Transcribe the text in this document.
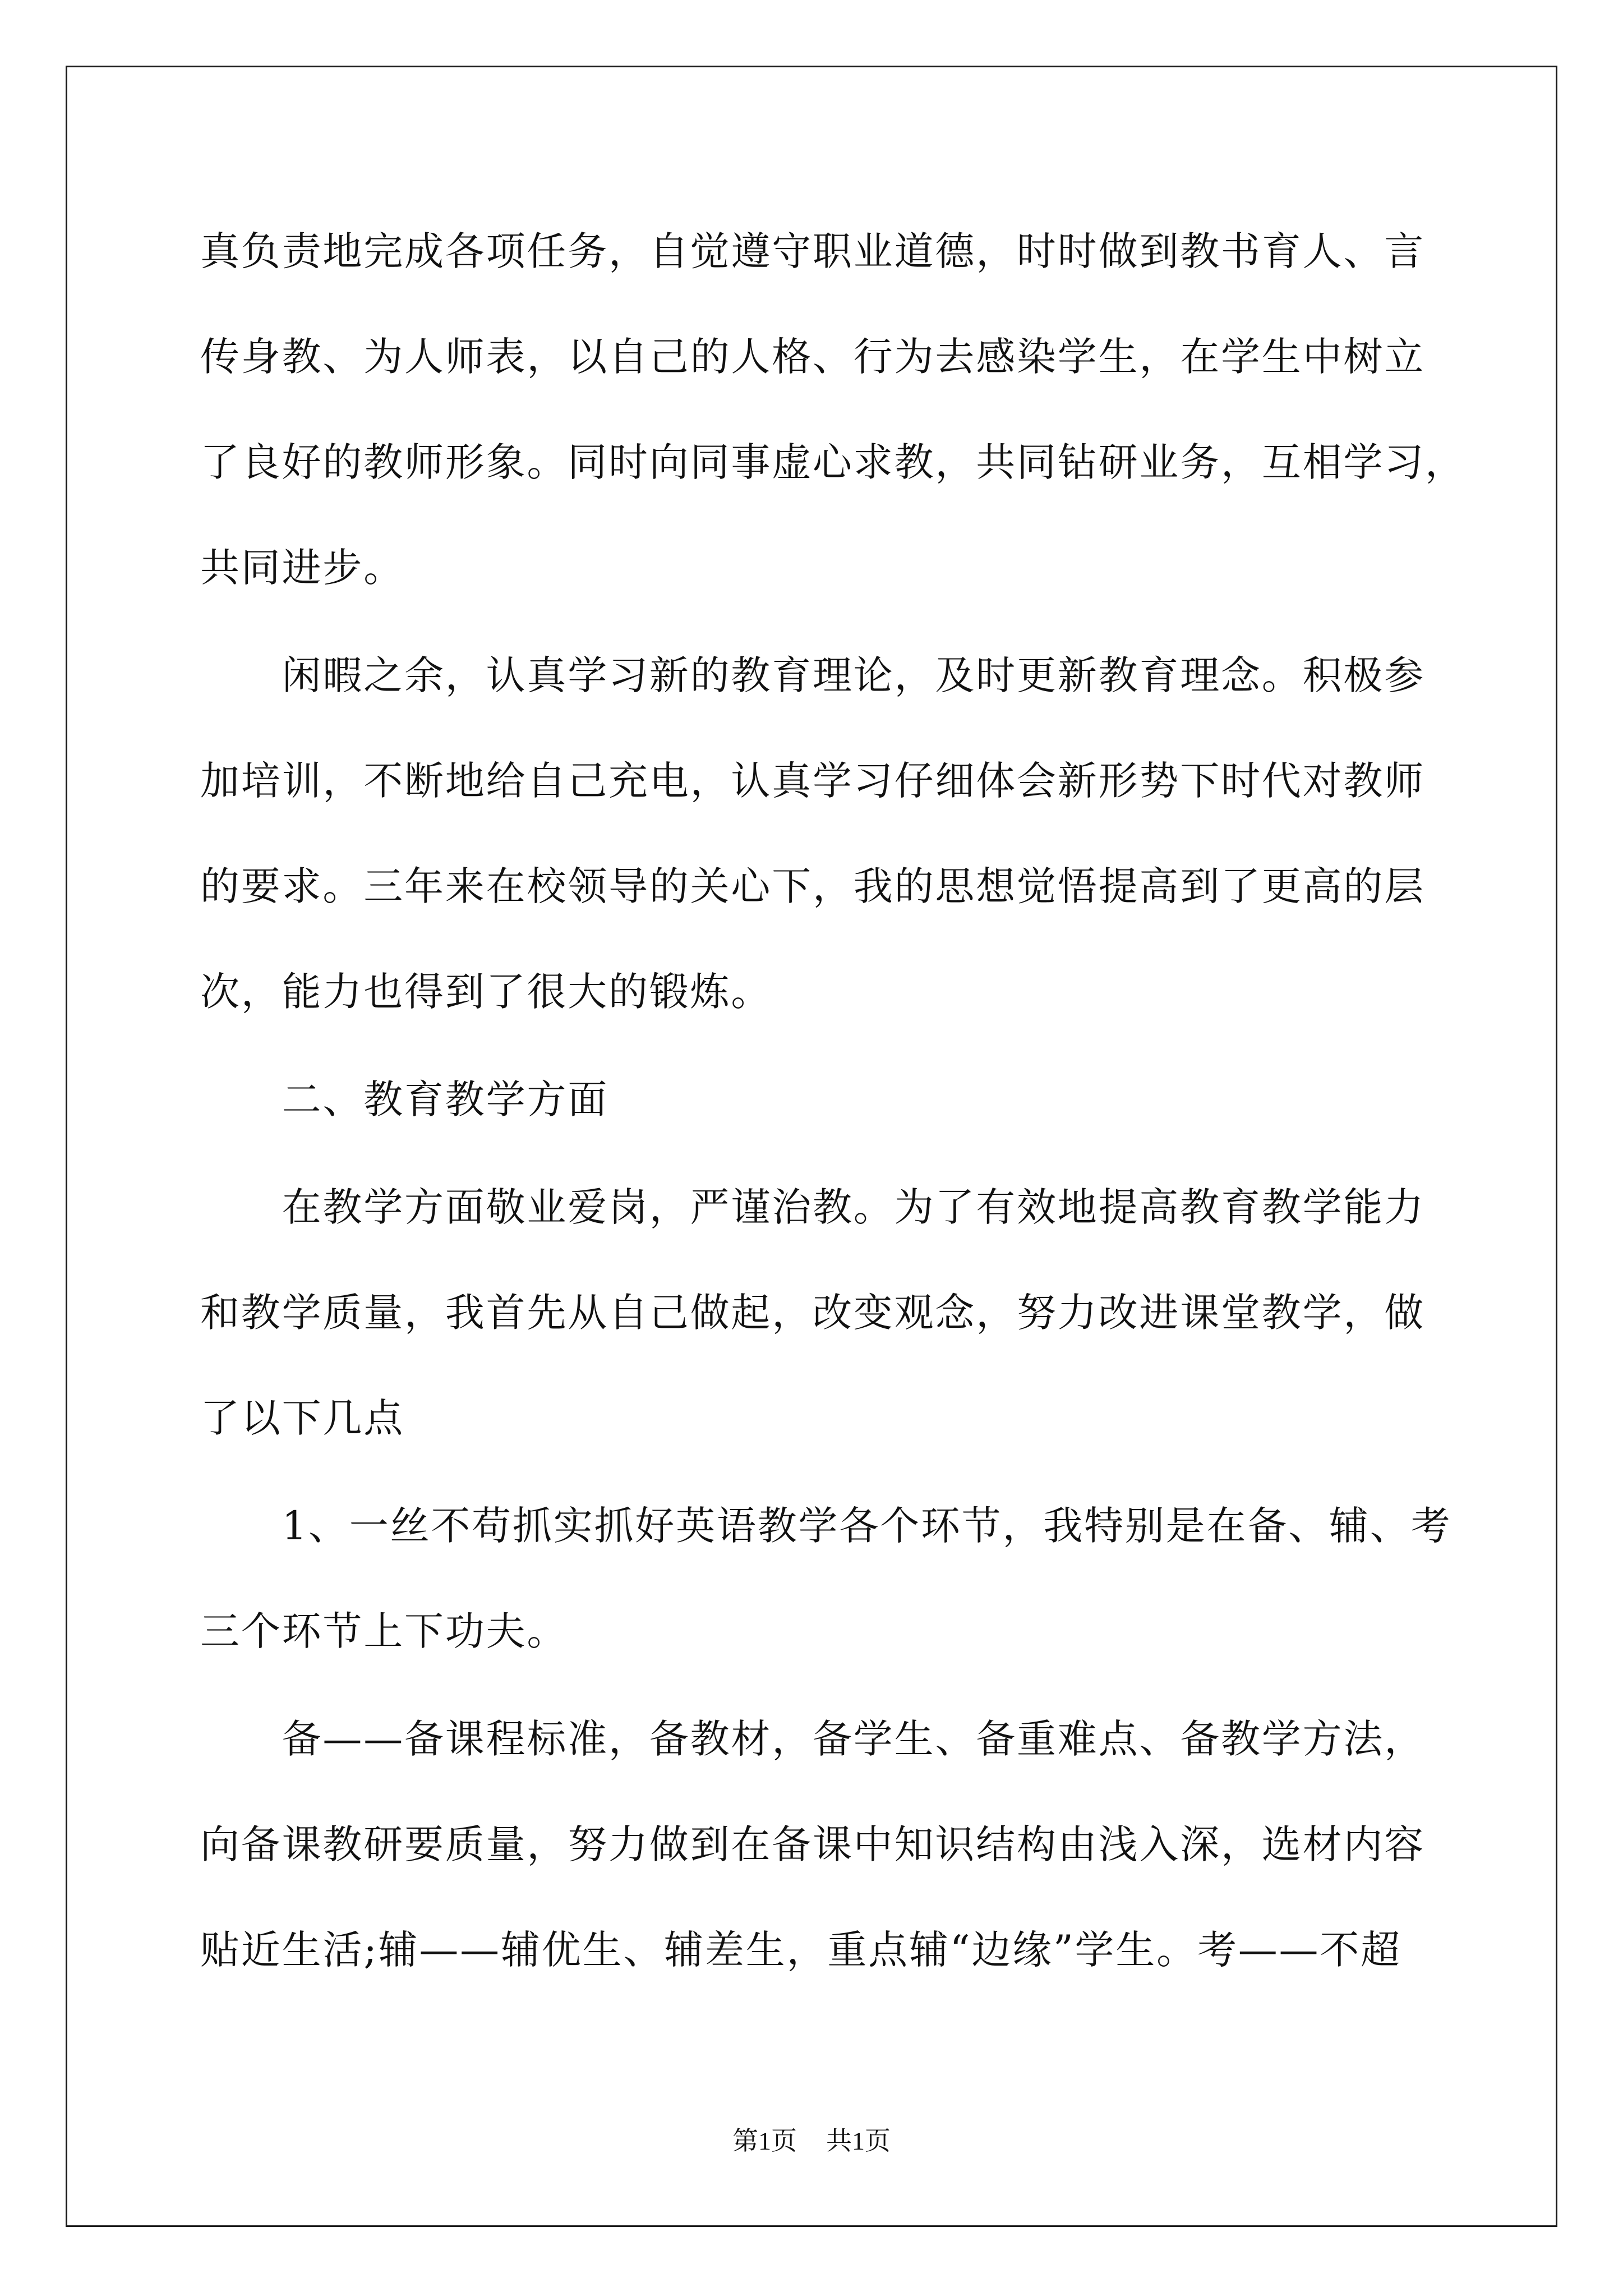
真负责地完成各项任务，自觉遵守职业道德，时时做到教书育人、言
传身教、为人师表，以自己的人格、行为去感染学生，在学生中树立
了良好的教师形象。同时向同事虚心求教，共同钻研业务，互相学习，
共同进步。
闲暇之余，认真学习新的教育理论，及时更新教育理念。积极参
加培训，不断地给自己充电，认真学习仔细体会新形势下时代对教师
的要求。三年来在校领导的关心下，我的思想觉悟提高到了更高的层
次，能力也得到了很大的锻炼。
二、教育教学方面
在教学方面敬业爱岗，严谨治教。为了有效地提高教育教学能力
和教学质量，我首先从自己做起，改变观念，努力改进课堂教学，做
了以下几点
1、一丝不苟抓实抓好英语教学各个环节，我特别是在备、辅、考
三个环节上下功夫。
备——备课程标准，备教材，备学生、备重难点、备教学方法，
向备课教研要质量，努力做到在备课中知识结构由浅入深，选材内容
贴近生活;辅——辅优生、辅差生，重点辅“边缘”学生。考——不超
第1页 共1页
